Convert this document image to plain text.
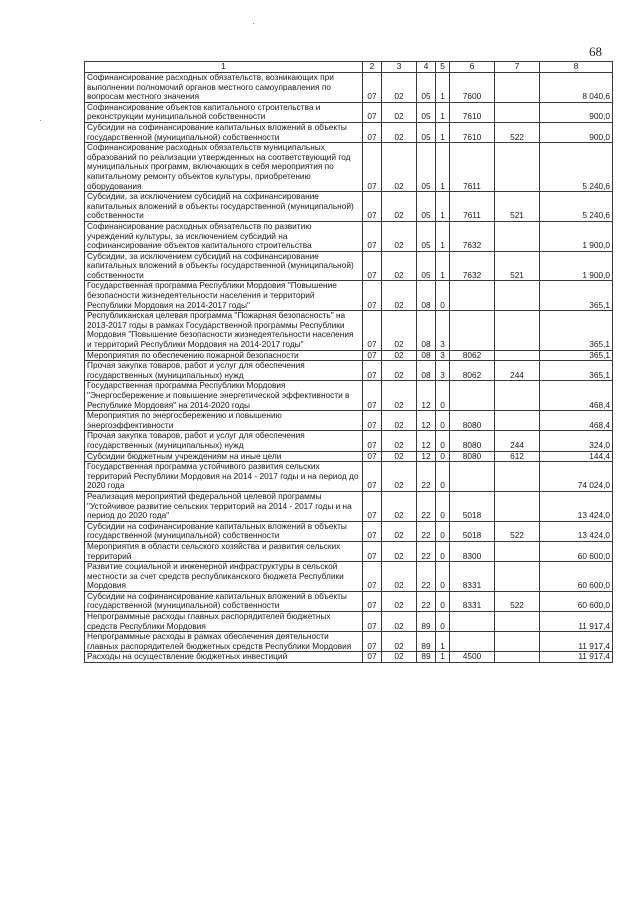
68
1	2	3	4	5	6	7	8
Софинансирование расходных обязательств, возникающих при выполнении полномочий органов местного самоуправления по вопросам местного значения	07	02	05	1	7600		8 040,6
Софинансирование объектов капитального строительства и реконструкции муниципальной собственности	07	02	05	1	7610		900,0
Субсидии на софинансирование капитальных вложений в объекты государственной (муниципальной) собственности	07	02	05	1	7610	522	900,0
Софинансирование расходных обязательств муниципальных образований по реализации утвержденных на соответствующий год муниципальных программ, включающих в себя мероприятия по капитальному ремонту объектов культуры, приобретению оборудования	07	02	05	1	7611		5 240,6
Субсидии, за исключением субсидий на софинансирование капитальных вложений в объекты государственной (муниципальной) собственности	07	02	05	1	7611	521	5 240,6
Софинансирование расходных обязательств по развитию учреждений культуры, за исключением субсидий на софинансирование объектов капитального строительства	07	02	05	1	7632		1 900,0
Субсидии, за исключением субсидий на софинансирование капитальных вложений в объекты государственной (муниципальной) собственности	07	02	05	1	7632	521	1 900,0
Государственная программа Республики Мордовия "Повышение безопасности жизнедеятельности населения и территорий Республики Мордовия на 2014-2017 годы"	07	02	08	0			365,1
Республиканская целевая программа "Пожарная безопасность" на 2013-2017 годы в рамках Государственной программы Республики Мордовия "Повышение безопасности жизнедеятельности населения и территорий Республики Мордовия на 2014-2017 годы"	07	02	08	3			365,1
Мероприятия по обеспечению пожарной безопасности	07	02	08	3	8062		365,1
Прочая закупка товаров, работ и услуг для обеспечения государственных (муниципальных) нужд	07	02	08	3	8062	244	365,1
Государственная программа Республики Мордовия "Энергосбережение и повышение энергетической эффективности в Республике Мордовия" на 2014-2020 годы	07	02	12	0			468,4
Мероприятия по энергосбережению и повышению энергоэффективности	07	02	12	0	8080		468,4
Прочая закупка товаров, работ и услуг для обеспечения государственных (муниципальных) нужд	07	02	12	0	8080	244	324,0
Субсидии бюджетным учреждениям на иные цели	07	02	12	0	8080	612	144,4
Государственная программа устойчивого развития сельских территорий Республики Мордовия на 2014 - 2017 годы и на период до 2020 года	07	02	22	0			74 024,0
Реализация мероприятий федеральной целевой программы "Устойчивое развитие сельских территорий на 2014 - 2017 годы и на период до 2020 года"	07	02	22	0	5018		13 424,0
Субсидии на софинансирование капитальных вложений в объекты государственной (муниципальной) собственности	07	02	22	0	5018	522	13 424,0
Мероприятия в области сельского хозяйства и развития сельских территорий	07	02	22	0	8300		60 600,0
Развитие социальной и инженерной инфраструктуры в сельской местности за счет средств республиканского бюджета Республики Мордовия	07	02	22	0	8331		60 600,0
Субсидии на софинансирование капитальных вложений в объекты государственной (муниципальной) собственности	07	02	22	0	8331	522	60 600,0
Непрограммные расходы главных распорядителей бюджетных средств Республики Мордовия	07	02	89	0			11 917,4
Непрограммные расходы в рамках обеспечения деятельности главных распорядителей бюджетных средств Республики Мордовия	07	02	89	1			11 917,4
Расходы на осуществление бюджетных инвестиций	07	02	89	1	4500		11 917,4
